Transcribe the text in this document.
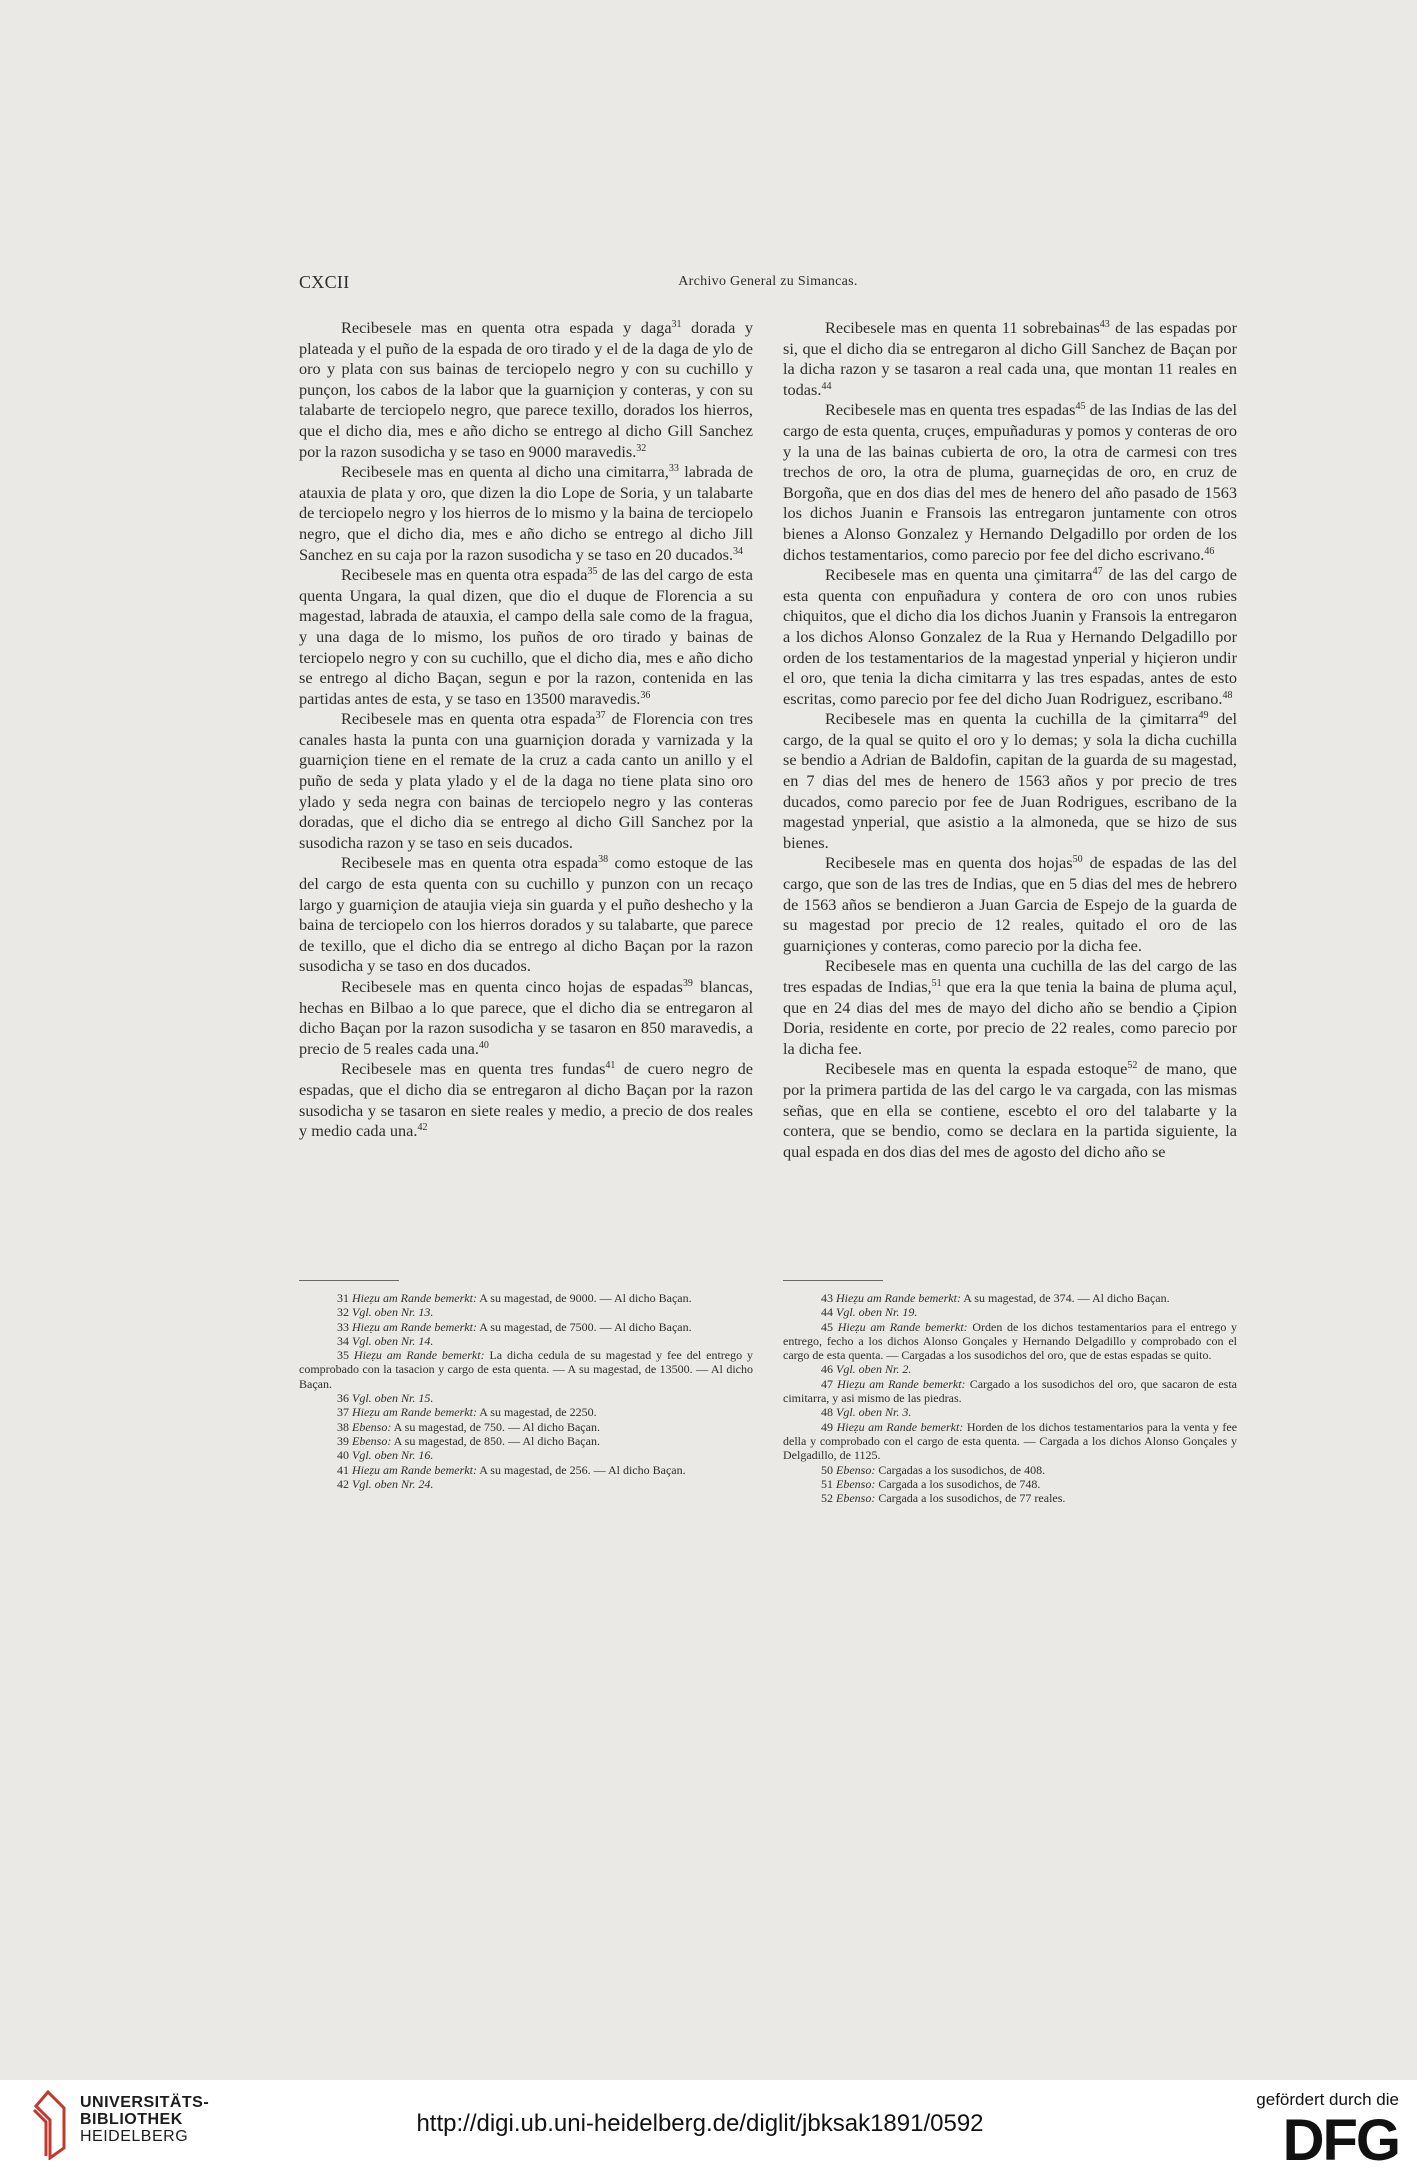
CXCII	Archivo General zu Simancas.

Recibesele mas en quenta otra espada y daga$^{31}$ dorada y plateada y el puño de la espada de oro tirado y el de la daga de ylo de oro y plata con sus bainas de terciopelo negro y con su cuchillo y punçon, los cabos de la labor que la guarniçion y conteras, y con su talabarte de terciopelo negro, que parece texillo, dorados los hierros, que el dicho dia, mes e año dicho se entrego al dicho Gill Sanchez por la razon susodicha y se taso en 9000 maravedis.$^{32}$

Recibesele mas en quenta al dicho una cimitarra,$^{33}$ labrada de atauxia de plata y oro, que dizen la dio Lope de Soria, y un talabarte de terciopelo negro y los hierros de lo mismo y la baina de terciopelo negro, que el dicho dia, mes e año dicho se entrego al dicho Jill Sanchez en su caja por la razon susodicha y se taso en 20 ducados.$^{34}$

Recibesele mas en quenta otra espada$^{35}$ de las del cargo de esta quenta Ungara, la qual dizen, que dio el duque de Florencia a su magestad, labrada de atauxia, el campo della sale como de la fragua, y una daga de lo mismo, los puños de oro tirado y bainas de terciopelo negro y con su cuchillo, que el dicho dia, mes e año dicho se entrego al dicho Baçan, segun e por la razon, contenida en las partidas antes de esta, y se taso en 13500 maravedis.$^{36}$

Recibesele mas en quenta otra espada$^{37}$ de Florencia con tres canales hasta la punta con una guarniçion dorada y varnizada y la guarniçion tiene en el remate de la cruz a cada canto un anillo y el puño de seda y plata ylado y el de la daga no tiene plata sino oro ylado y seda negra con bainas de terciopelo negro y las conteras doradas, que el dicho dia se entrego al dicho Gill Sanchez por la susodicha razon y se taso en seis ducados.

Recibesele mas en quenta otra espada$^{38}$ como estoque de las del cargo de esta quenta con su cuchillo y punzon con un recaço largo y guarniçion de ataujia vieja sin guarda y el puño deshecho y la baina de terciopelo con los hierros dorados y su talabarte, que parece de texillo, que el dicho dia se entrego al dicho Baçan por la razon susodicha y se taso en dos ducados.

Recibesele mas en quenta cinco hojas de espadas$^{39}$ blancas, hechas en Bilbao a lo que parece, que el dicho dia se entregaron al dicho Baçan por la razon susodicha y se tasaron en 850 maravedis, a precio de 5 reales cada una.$^{40}$

Recibesele mas en quenta tres fundas$^{41}$ de cuero negro de espadas, que el dicho dia se entregaron al dicho Baçan por la razon susodicha y se tasaron en siete reales y medio, a precio de dos reales y medio cada una.$^{42}$

31 Hieẓu am Rande bemerkt: A su magestad, de 9000. — Al dicho Baçan.

32 Vgl. oben Nr. 13.

33 Hieẓu am Rande bemerkt: A su magestad, de 7500. — Al dicho Baçan.

34 Vgl. oben Nr. 14.

35 Hieẓu am Rande bemerkt: La dicha cedula de su magestad y fee del entrego y comprobado con la tasacion y cargo de esta quenta. — A su magestad, de 13500. — Al dicho Baçan.

36 Vgl. oben Nr. 15.

37 Hieẓu am Rande bemerkt: A su magestad, de 2250.

38 Ebenso: A su magestad, de 750. — Al dicho Baçan.

39 Ebenso: A su magestad, de 850. — Al dicho Baçan.

40 Vgl. oben Nr. 16.

41 Hieẓu am Rande bemerkt: A su magestad, de 256. — Al dicho Baçan.

42 Vgl. oben Nr. 24.

Recibesele mas en quenta 11 sobrebainas$^{43}$ de las espadas por si, que el dicho dia se entregaron al dicho Gill Sanchez de Baçan por la dicha razon y se tasaron a real cada una, que montan 11 reales en todas.$^{44}$

Recibesele mas en quenta tres espadas$^{45}$ de las Indias de las del cargo de esta quenta, cruçes, empuñaduras y pomos y conteras de oro y la una de las bainas cubierta de oro, la otra de carmesi con tres trechos de oro, la otra de pluma, guarneçidas de oro, en cruz de Borgoña, que en dos dias del mes de henero del año pasado de 1563 los dichos Juanin e Fransois las entregaron juntamente con otros bienes a Alonso Gonzalez y Hernando Delgadillo por orden de los dichos testamentarios, como parecio por fee del dicho escrivano.$^{46}$

Recibesele mas en quenta una çimitarra$^{47}$ de las del cargo de esta quenta con enpuñadura y contera de oro con unos rubies chiquitos, que el dicho dia los dichos Juanin y Fransois la entregaron a los dichos Alonso Gonzalez de la Rua y Hernando Delgadillo por orden de los testamentarios de la magestad ynperial y hiçieron undir el oro, que tenia la dicha cimitarra y las tres espadas, antes de esto escritas, como parecio por fee del dicho Juan Rodriguez, escribano.$^{48}$

Recibesele mas en quenta la cuchilla de la çimitarra$^{49}$ del cargo, de la qual se quito el oro y lo demas; y sola la dicha cuchilla se bendio a Adrian de Baldofin, capitan de la guarda de su magestad, en 7 dias del mes de henero de 1563 años y por precio de tres ducados, como parecio por fee de Juan Rodrigues, escribano de la magestad ynperial, que asistio a la almoneda, que se hizo de sus bienes.

Recibesele mas en quenta dos hojas$^{50}$ de espadas de las del cargo, que son de las tres de Indias, que en 5 dias del mes de hebrero de 1563 años se bendieron a Juan Garcia de Espejo de la guarda de su magestad por precio de 12 reales, quitado el oro de las guarniçiones y conteras, como parecio por la dicha fee.

Recibesele mas en quenta una cuchilla de las del cargo de las tres espadas de Indias,$^{51}$ que era la que tenia la baina de pluma açul, que en 24 dias del mes de mayo del dicho año se bendio a Çipion Doria, residente en corte, por precio de 22 reales, como parecio por la dicha fee.

Recibesele mas en quenta la espada estoque$^{52}$ de mano, que por la primera partida de las del cargo le va cargada, con las mismas señas, que en ella se contiene, escebto el oro del talabarte y la contera, que se bendio, como se declara en la partida siguiente, la qual espada en dos dias del mes de agosto del dicho año se

43 Hieẓu am Rande bemerkt: A su magestad, de 374. — Al dicho Baçan.

44 Vgl. oben Nr. 19.

45 Hieẓu am Rande bemerkt: Orden de los dichos testamentarios para el entrego y entrego, fecho a los dichos Alonso Gonçales y Hernando Delgadillo y comprobado con el cargo de esta quenta. — Cargadas a los susodichos del oro, que de estas espadas se quito.

46 Vgl. oben Nr. 2.

47 Hieẓu am Rande bemerkt: Cargado a los susodichos del oro, que sacaron de esta cimitarra, y asi mismo de las piedras.

48 Vgl. oben Nr. 3.

49 Hieẓu am Rande bemerkt: Horden de los dichos testamentarios para la venta y fee della y comprobado con el cargo de esta quenta. — Cargada a los dichos Alonso Gonçales y Delgadillo, de 1125.

50 Ebenso: Cargadas a los susodichos, de 408.

51 Ebenso: Cargada a los susodichos, de 748.

52 Ebenso: Cargada a los susodichos, de 77 reales.

UNIVERSITÄTS-
BIBLIOTHEK
HEIDELBERG	http://digi.ub.uni-heidelberg.de/diglit/jbksak1891/0592
gefördert durch die
DFG
